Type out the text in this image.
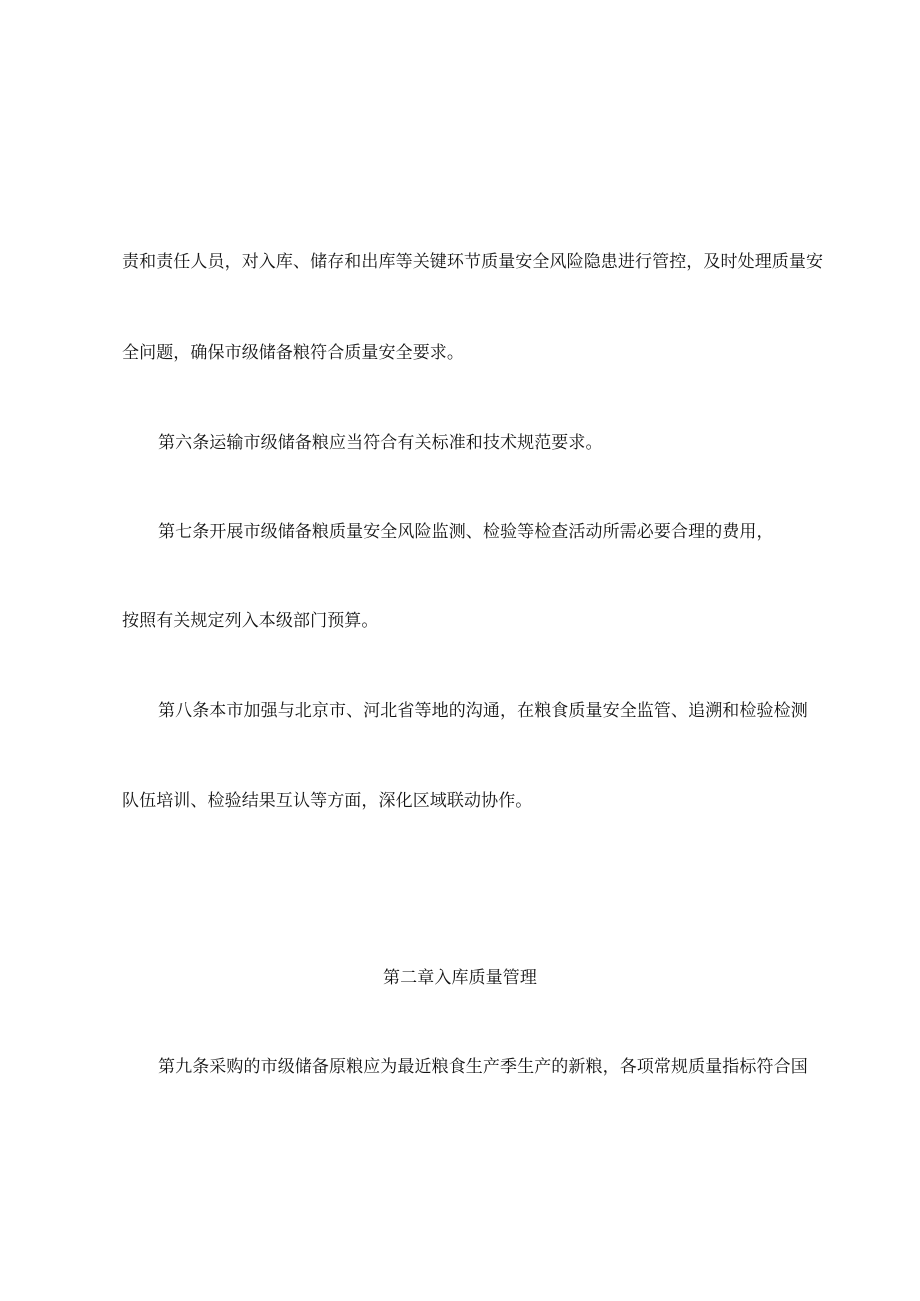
责和责任人员，对入库、储存和出库等关键环节质量安全风险隐患进行管控，及时处理质量安
全问题，确保市级储备粮符合质量安全要求。
第六条运输市级储备粮应当符合有关标准和技术规范要求。
第七条开展市级储备粮质量安全风险监测、检验等检查活动所需必要合理的费用，
按照有关规定列入本级部门预算。
第八条本市加强与北京市、河北省等地的沟通，在粮食质量安全监管、追溯和检验检测
队伍培训、检验结果互认等方面，深化区域联动协作。
第二章入库质量管理
第九条采购的市级储备原粮应为最近粮食生产季生产的新粮，各项常规质量指标符合国
